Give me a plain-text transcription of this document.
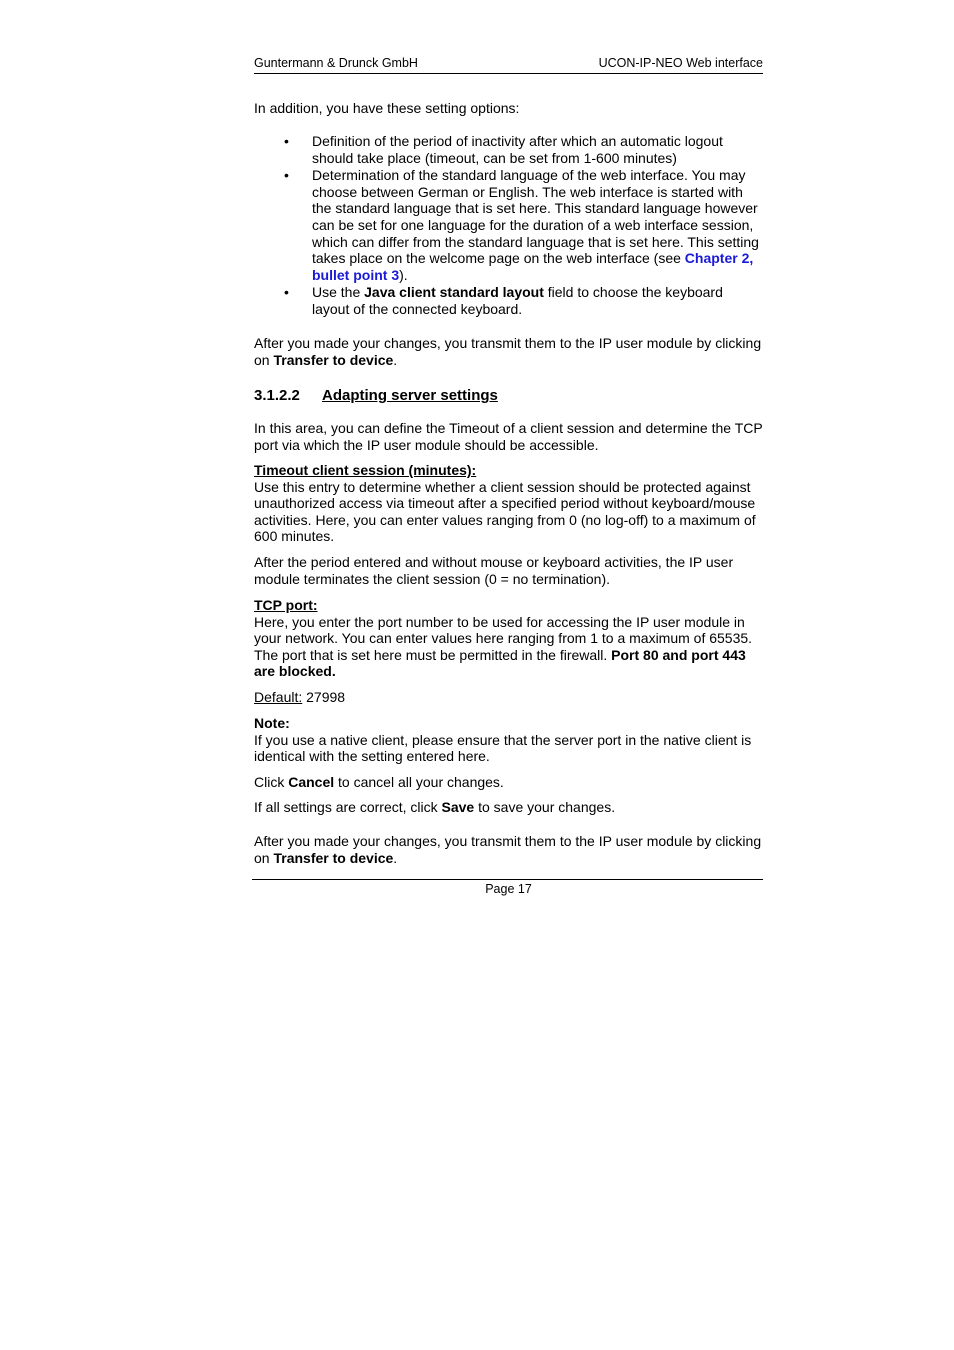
Guntermann & Drunck GmbH	UCON-IP-NEO Web interface

In addition, you have these setting options:

• Definition of the period of inactivity after which an automatic logout should take place (timeout, can be set from 1-600 minutes)
• Determination of the standard language of the web interface. You may choose between German or English. The web interface is started with the standard language that is set here. This standard language however can be set for one language for the duration of a web interface session, which can differ from the standard language that is set here. This setting takes place on the welcome page on the web interface (see Chapter 2, bullet point 3).
• Use the Java client standard layout field to choose the keyboard layout of the connected keyboard.

After you made your changes, you transmit them to the IP user module by clicking on Transfer to device.

3.1.2.2 Adapting server settings

In this area, you can define the Timeout of a client session and determine the TCP port via which the IP user module should be accessible.

Timeout client session (minutes):
Use this entry to determine whether a client session should be protected against unauthorized access via timeout after a specified period without keyboard/mouse activities. Here, you can enter values ranging from 0 (no log-off) to a maximum of 600 minutes.

After the period entered and without mouse or keyboard activities, the IP user module terminates the client session (0 = no termination).

TCP port:
Here, you enter the port number to be used for accessing the IP user module in your network. You can enter values here ranging from 1 to a maximum of 65535. The port that is set here must be permitted in the firewall. Port 80 and port 443 are blocked.

Default: 27998

Note:
If you use a native client, please ensure that the server port in the native client is identical with the setting entered here.

Click Cancel to cancel all your changes.

If all settings are correct, click Save to save your changes.

After you made your changes, you transmit them to the IP user module by clicking on Transfer to device.

Page 17
